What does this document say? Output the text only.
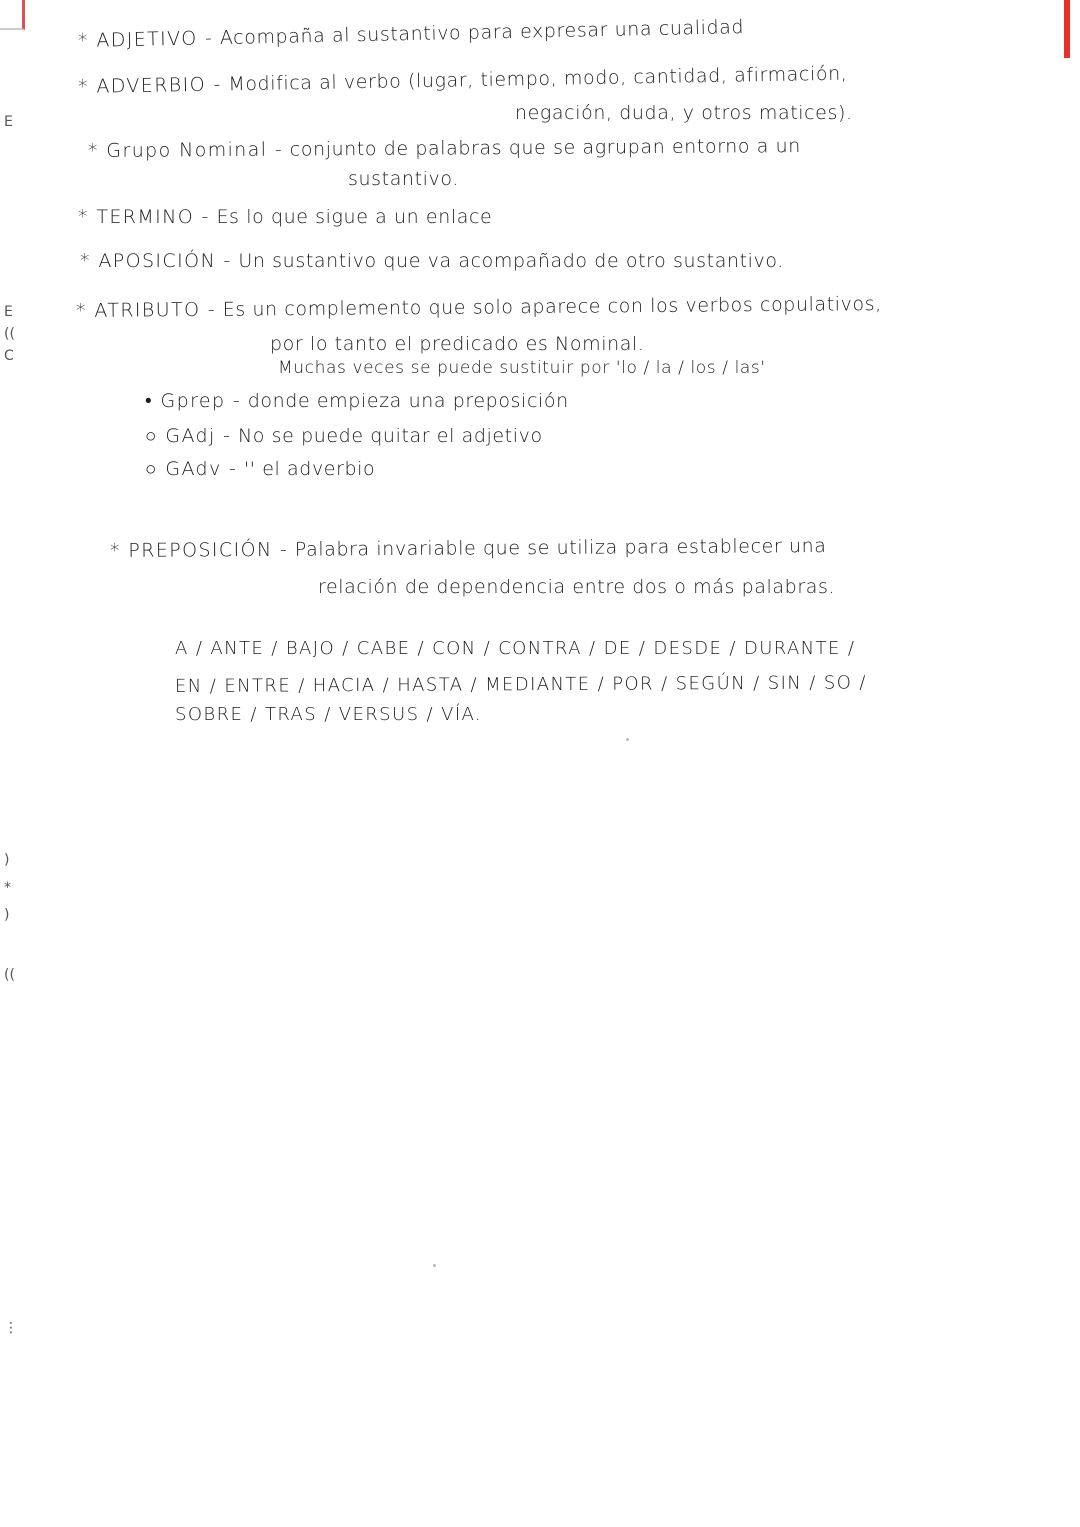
E
E
((
C
)
*
)
((
⋮
* ADJETIVO - Acompaña al sustantivo para expresar una cualidad
* ADVERBIO - Modifica al verbo (lugar, tiempo, modo, cantidad, afirmación,
negación, duda, y otros matices).
* Grupo Nominal - conjunto de palabras que se agrupan entorno a un
sustantivo.
* TERMINO - Es lo que sigue a un enlace
* APOSICIÓN - Un sustantivo que va acompañado de otro sustantivo.
* ATRIBUTO - Es un complemento que solo aparece con los verbos copulativos,
por lo tanto el predicado es Nominal.
Muchas veces se puede sustituir por 'lo / la / los / las'
• Gprep - donde empieza una preposición
○ GAdj - No se puede quitar el adjetivo
○ GAdv - '' el adverbio
* PREPOSICIÓN - Palabra invariable que se utiliza para establecer una
relación de dependencia entre dos o más palabras.
A / ANTE / BAJO / CABE / CON / CONTRA / DE / DESDE / DURANTE /
EN / ENTRE / HACIA / HASTA / MEDIANTE / POR / SEGÚN / SIN / SO /
SOBRE / TRAS / VERSUS / VÍA.
